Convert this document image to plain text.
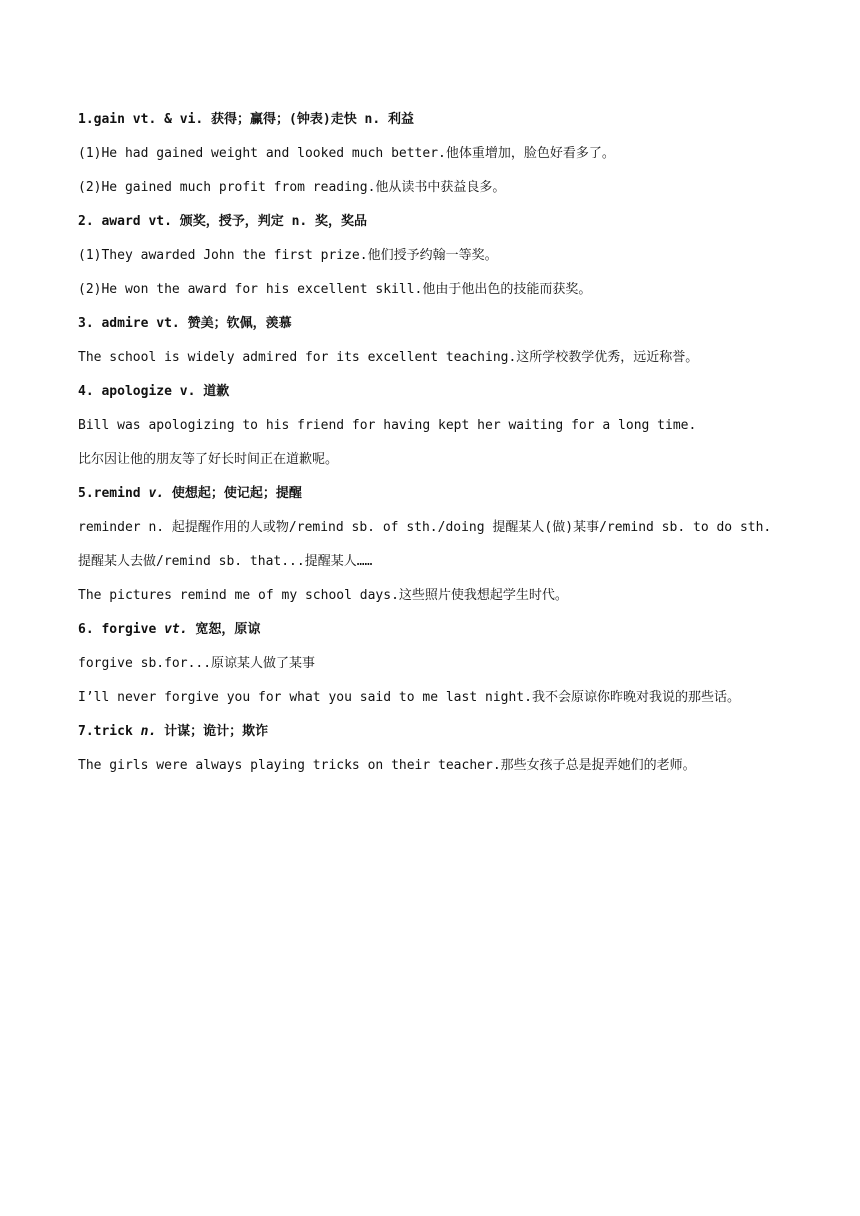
1.gain vt. & vi. 获得；赢得；(钟表)走快 n. 利益
(1)He had gained weight and looked much better.他体重增加，脸色好看多了。
(2)He gained much profit from reading.他从读书中获益良多。
2. award vt. 颁奖，授予，判定 n. 奖，奖品
(1)They awarded John the first prize.他们授予约翰一等奖。
(2)He won the award for his excellent skill.他由于他出色的技能而获奖。
3. admire vt. 赞美；钦佩，羡慕
The school is widely admired for its excellent teaching.这所学校教学优秀，远近称誉。
4. apologize v. 道歉
Bill was apologizing to his friend for having kept her waiting for a long time.
比尔因让他的朋友等了好长时间正在道歉呢。
5.remind v. 使想起；使记起；提醒
reminder n. 起提醒作用的人或物/remind sb. of sth./doing 提醒某人(做)某事/remind sb. to do sth.
提醒某人去做/remind sb. that...提醒某人……
The pictures remind me of my school days.这些照片使我想起学生时代。
6. forgive vt. 宽恕，原谅
forgive sb.for...原谅某人做了某事
I’ll never forgive you for what you said to me last night.我不会原谅你昨晚对我说的那些话。
7.trick n. 计谋；诡计；欺诈
The girls were always playing tricks on their teacher.那些女孩子总是捉弄她们的老师。
